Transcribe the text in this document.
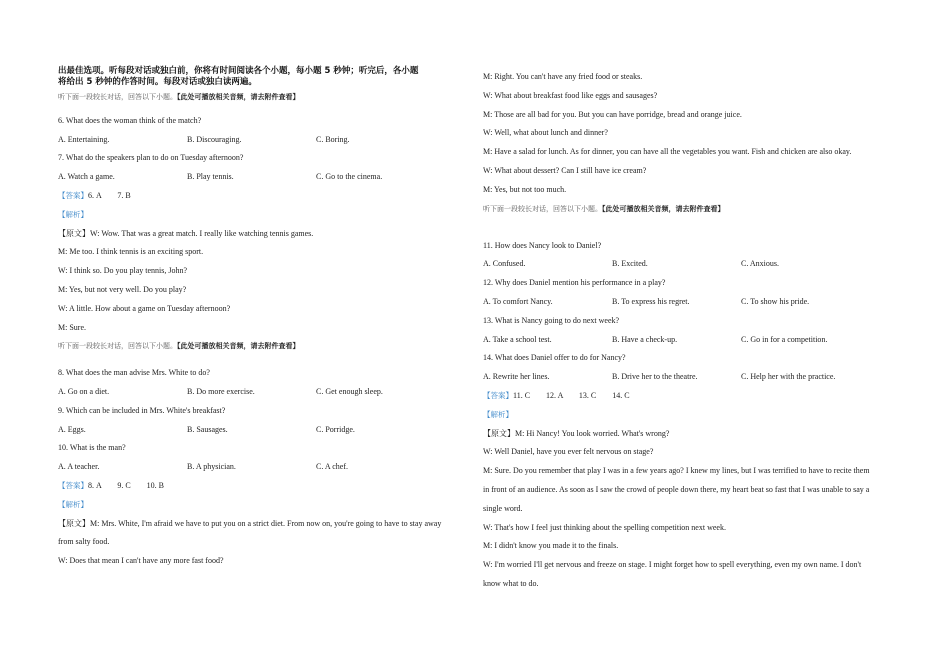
出最佳选项。听每段对话或独白前，你将有时间阅读各个小题，每小题 5 秒钟；听完后，各小题
将给出 5 秒钟的作答时间。每段对话或独白读两遍。
听下面一段较长对话，回答以下小题。【此处可播放相关音频，请去附件查看】
6. What does the woman think of the match?
A. Entertaining.	B. Discouraging.	C. Boring.
7. What do the speakers plan to do on Tuesday afternoon?
A. Watch a game.	B. Play tennis.	C. Go to the cinema.
【答案】6. A        7. B
【解析】
【原文】W: Wow. That was a great match. I really like watching tennis games.
M: Me too. I think tennis is an exciting sport.
W: I think so. Do you play tennis, John?
M: Yes, but not very well. Do you play?
W: A little. How about a game on Tuesday afternoon?
M: Sure.
听下面一段较长对话，回答以下小题。【此处可播放相关音频，请去附件查看】
8. What does the man advise Mrs. White to do?
A. Go on a diet.	B. Do more exercise.	C. Get enough sleep.
9. Which can be included in Mrs. White's breakfast?
A. Eggs.	B. Sausages.	C. Porridge.
10. What is the man?
A. A teacher.	B. A physician.	C. A chef.
【答案】8. A        9. C        10. B
【解析】
【原文】M: Mrs. White, I'm afraid we have to put you on a strict diet. From now on, you're going to have to stay away
from salty food.
W: Does that mean I can't have any more fast food?
M: Right. You can't have any fried food or steaks.
W: What about breakfast food like eggs and sausages?
M: Those are all bad for you. But you can have porridge, bread and orange juice.
W: Well, what about lunch and dinner?
M: Have a salad for lunch. As for dinner, you can have all the vegetables you want. Fish and chicken are also okay.
W: What about dessert? Can I still have ice cream?
M: Yes, but not too much.
听下面一段较长对话，回答以下小题。【此处可播放相关音频，请去附件查看】
11. How does Nancy look to Daniel?
A. Confused.	B. Excited.	C. Anxious.
12. Why does Daniel mention his performance in a play?
A. To comfort Nancy.	B. To express his regret.	C. To show his pride.
13. What is Nancy going to do next week?
A. Take a school test.	B. Have a check-up.	C. Go in for a competition.
14. What does Daniel offer to do for Nancy?
A. Rewrite her lines.	B. Drive her to the theatre.	C. Help her with the practice.
【答案】11. C        12. A        13. C        14. C
【解析】
【原文】M: Hi Nancy! You look worried. What's wrong?
W: Well Daniel, have you ever felt nervous on stage?
M: Sure. Do you remember that play I was in a few years ago? I knew my lines, but I was terrified to have to recite them
in front of an audience. As soon as I saw the crowd of people down there, my heart beat so fast that I was unable to say a
single word.
W: That's how I feel just thinking about the spelling competition next week.
M: I didn't know you made it to the finals.
W: I'm worried I'll get nervous and freeze on stage. I might forget how to spell everything, even my own name. I don't
know what to do.
